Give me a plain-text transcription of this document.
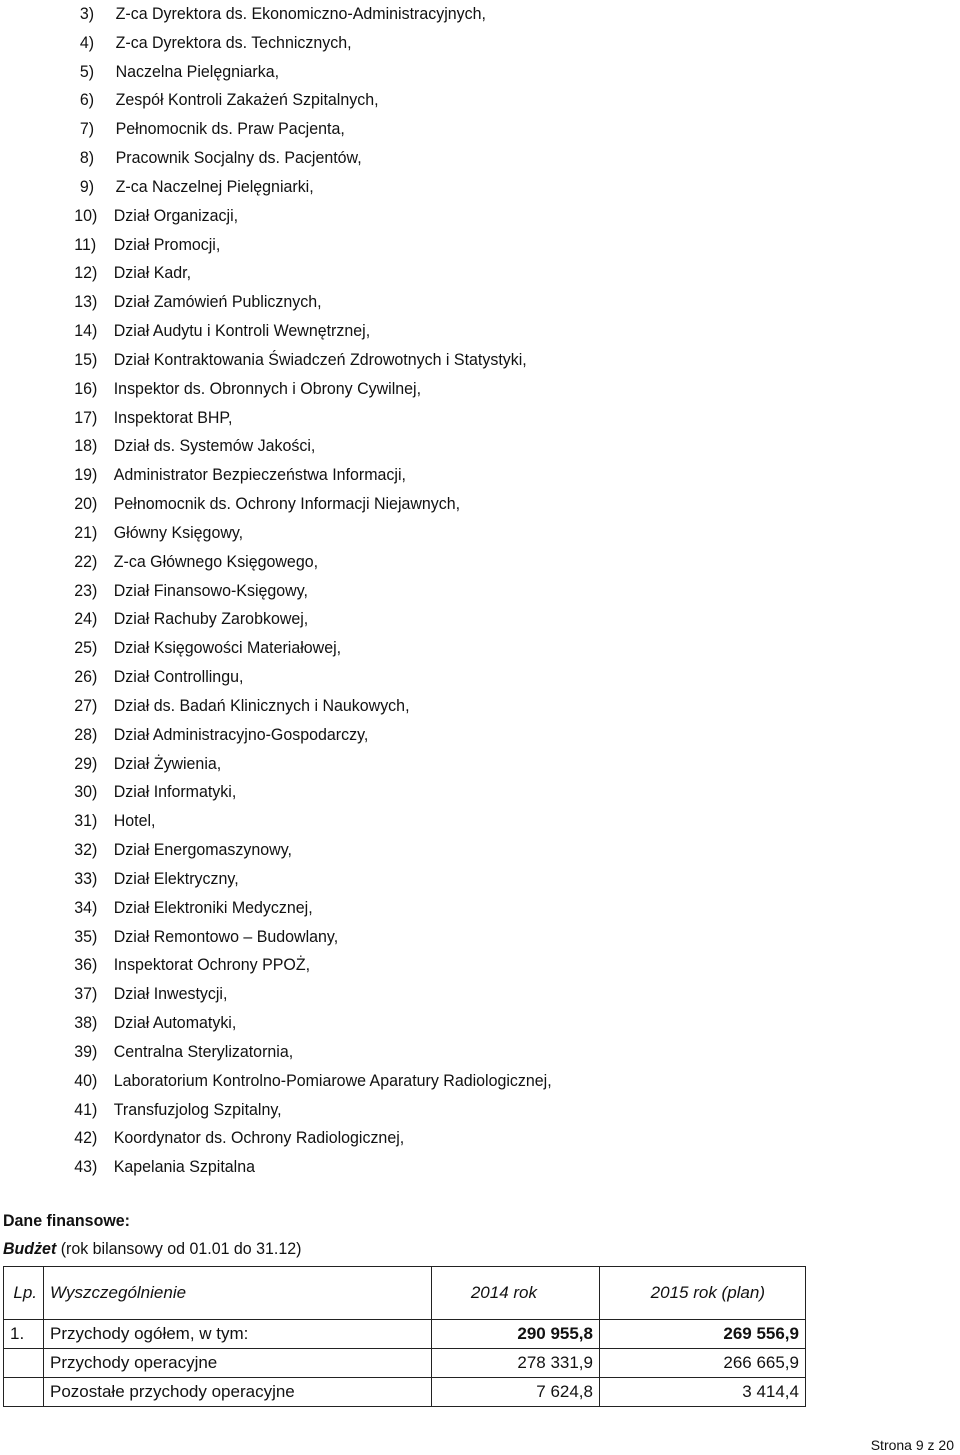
3) Z-ca Dyrektora ds. Ekonomiczno-Administracyjnych,
4) Z-ca Dyrektora ds. Technicznych,
5) Naczelna Pielęgniarka,
6) Zespół Kontroli Zakażeń Szpitalnych,
7) Pełnomocnik ds. Praw Pacjenta,
8) Pracownik Socjalny ds. Pacjentów,
9) Z-ca Naczelnej Pielęgniarki,
10) Dział Organizacji,
11) Dział Promocji,
12) Dział Kadr,
13) Dział Zamówień Publicznych,
14) Dział Audytu i Kontroli Wewnętrznej,
15) Dział Kontraktowania Świadczeń Zdrowotnych i Statystyki,
16) Inspektor ds. Obronnych i Obrony Cywilnej,
17) Inspektorat BHP,
18) Dział ds. Systemów Jakości,
19) Administrator Bezpieczeństwa Informacji,
20) Pełnomocnik ds. Ochrony Informacji Niejawnych,
21) Główny Księgowy,
22) Z-ca Głównego Księgowego,
23) Dział Finansowo-Księgowy,
24) Dział Rachuby Zarobkowej,
25) Dział Księgowości Materiałowej,
26) Dział Controllingu,
27) Dział ds. Badań Klinicznych i Naukowych,
28) Dział Administracyjno-Gospodarczy,
29) Dział Żywienia,
30) Dział Informatyki,
31) Hotel,
32) Dział Energomaszynowy,
33) Dział Elektryczny,
34) Dział Elektroniki Medycznej,
35) Dział Remontowo – Budowlany,
36) Inspektorat Ochrony PPOŻ,
37) Dział Inwestycji,
38) Dział Automatyki,
39) Centralna Sterylizatornia,
40) Laboratorium Kontrolno-Pomiarowe Aparatury Radiologicznej,
41) Transfuzjolog Szpitalny,
42) Koordynator ds. Ochrony Radiologicznej,
43) Kapelania Szpitalna
Dane finansowe:
Budżet (rok bilansowy od 01.01 do 31.12)
Lp.	Wyszczególnienie	2014 rok	2015 rok (plan)
1.	Przychody ogółem, w tym:	290 955,8	269 556,9
	Przychody operacyjne	278 331,9	266 665,9
	Pozostałe przychody operacyjne	7 624,8	3 414,4
Strona 9 z 20
